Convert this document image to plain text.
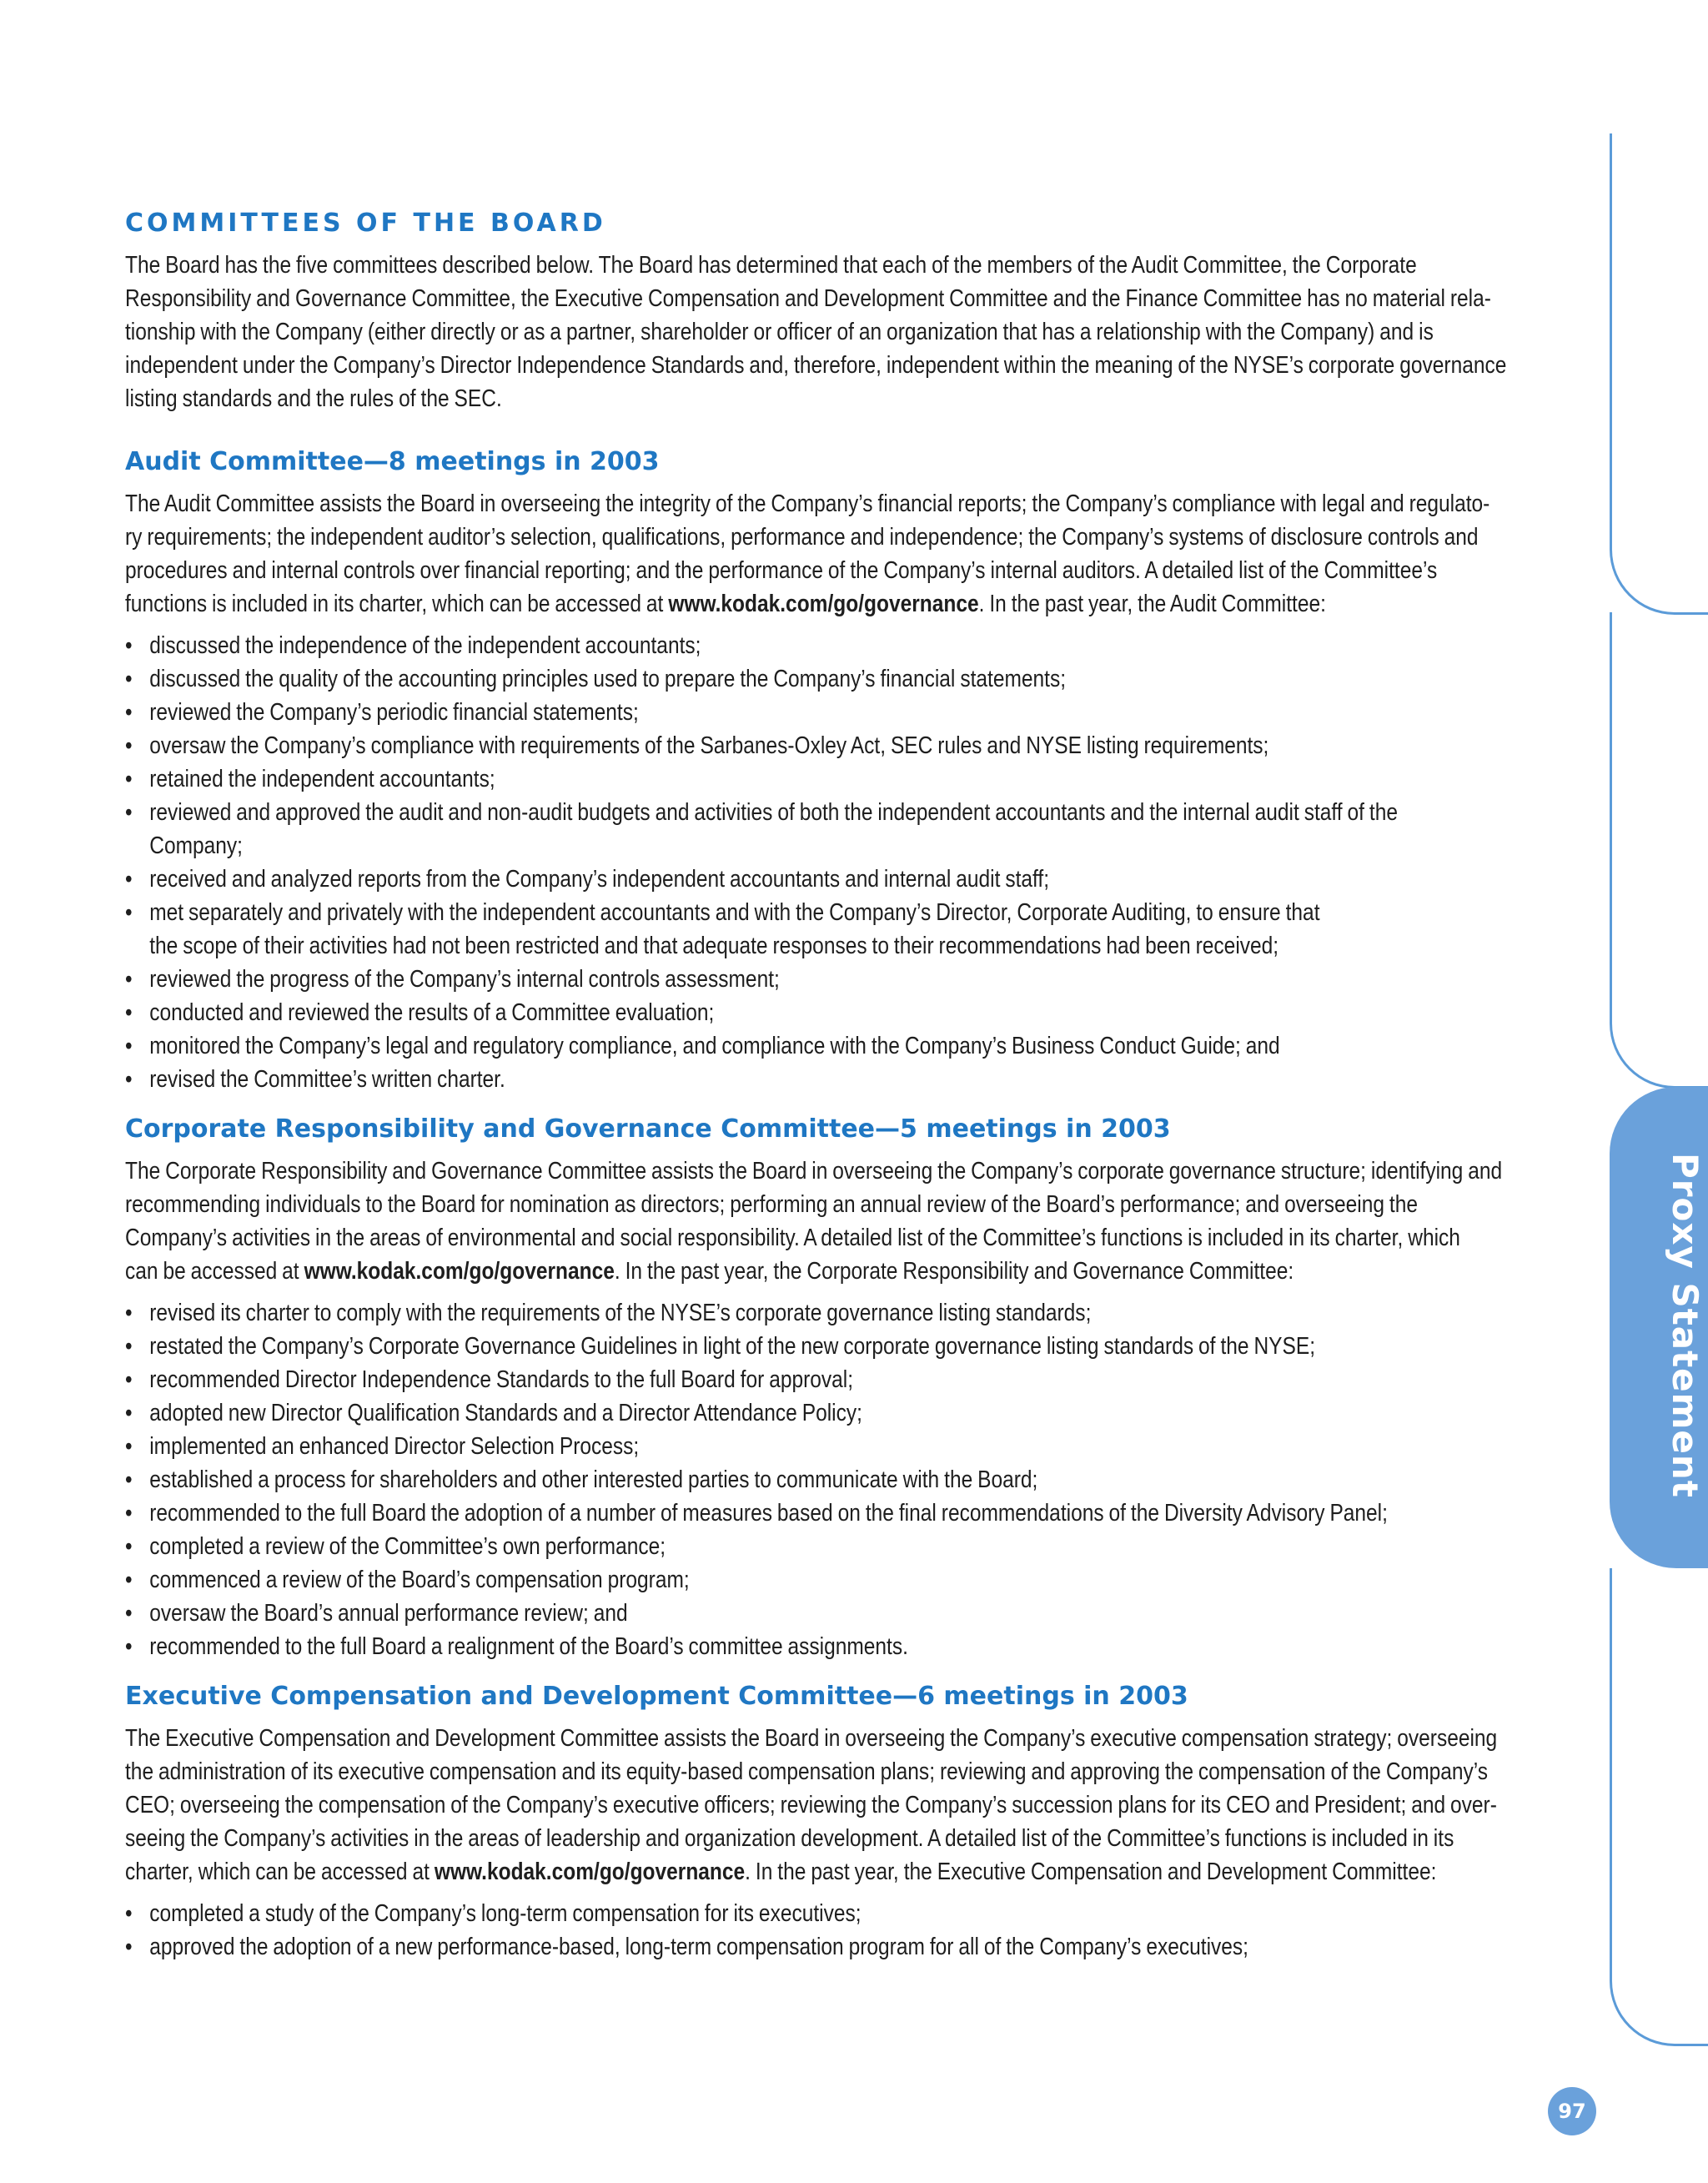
Proxy Statement
97
COMMITTEES OF THE BOARD
The Board has the five committees described below. The Board has determined that each of the members of the Audit Committee, the Corporate
Responsibility and Governance Committee, the Executive Compensation and Development Committee and the Finance Committee has no material rela-
tionship with the Company (either directly or as a partner, shareholder or officer of an organization that has a relationship with the Company) and is
independent under the Company’s Director Independence Standards and, therefore, independent within the meaning of the NYSE’s corporate governance
listing standards and the rules of the SEC.
Audit Committee—8 meetings in 2003
The Audit Committee assists the Board in overseeing the integrity of the Company’s financial reports; the Company’s compliance with legal and regulato-
ry requirements; the independent auditor’s selection, qualifications, performance and independence; the Company’s systems of disclosure controls and
procedures and internal controls over financial reporting; and the performance of the Company’s internal auditors. A detailed list of the Committee’s
functions is included in its charter, which can be accessed at www.kodak.com/go/governance. In the past year, the Audit Committee:
• discussed the independence of the independent accountants;
• discussed the quality of the accounting principles used to prepare the Company’s financial statements;
• reviewed the Company’s periodic financial statements;
• oversaw the Company’s compliance with requirements of the Sarbanes-Oxley Act, SEC rules and NYSE listing requirements;
• retained the independent accountants;
• reviewed and approved the audit and non-audit budgets and activities of both the independent accountants and the internal audit staff of the
Company;
• received and analyzed reports from the Company’s independent accountants and internal audit staff;
• met separately and privately with the independent accountants and with the Company’s Director, Corporate Auditing, to ensure that
the scope of their activities had not been restricted and that adequate responses to their recommendations had been received;
• reviewed the progress of the Company’s internal controls assessment;
• conducted and reviewed the results of a Committee evaluation;
• monitored the Company’s legal and regulatory compliance, and compliance with the Company’s Business Conduct Guide; and
• revised the Committee’s written charter.
Corporate Responsibility and Governance Committee—5 meetings in 2003
The Corporate Responsibility and Governance Committee assists the Board in overseeing the Company’s corporate governance structure; identifying and
recommending individuals to the Board for nomination as directors; performing an annual review of the Board’s performance; and overseeing the
Company’s activities in the areas of environmental and social responsibility. A detailed list of the Committee’s functions is included in its charter, which
can be accessed at www.kodak.com/go/governance. In the past year, the Corporate Responsibility and Governance Committee:
• revised its charter to comply with the requirements of the NYSE’s corporate governance listing standards;
• restated the Company’s Corporate Governance Guidelines in light of the new corporate governance listing standards of the NYSE;
• recommended Director Independence Standards to the full Board for approval;
• adopted new Director Qualification Standards and a Director Attendance Policy;
• implemented an enhanced Director Selection Process;
• established a process for shareholders and other interested parties to communicate with the Board;
• recommended to the full Board the adoption of a number of measures based on the final recommendations of the Diversity Advisory Panel;
• completed a review of the Committee’s own performance;
• commenced a review of the Board’s compensation program;
• oversaw the Board’s annual performance review; and
• recommended to the full Board a realignment of the Board’s committee assignments.
Executive Compensation and Development Committee—6 meetings in 2003
The Executive Compensation and Development Committee assists the Board in overseeing the Company’s executive compensation strategy; overseeing
the administration of its executive compensation and its equity-based compensation plans; reviewing and approving the compensation of the Company’s
CEO; overseeing the compensation of the Company’s executive officers; reviewing the Company’s succession plans for its CEO and President; and over-
seeing the Company’s activities in the areas of leadership and organization development. A detailed list of the Committee’s functions is included in its
charter, which can be accessed at www.kodak.com/go/governance. In the past year, the Executive Compensation and Development Committee:
• completed a study of the Company’s long-term compensation for its executives;
• approved the adoption of a new performance-based, long-term compensation program for all of the Company’s executives;
